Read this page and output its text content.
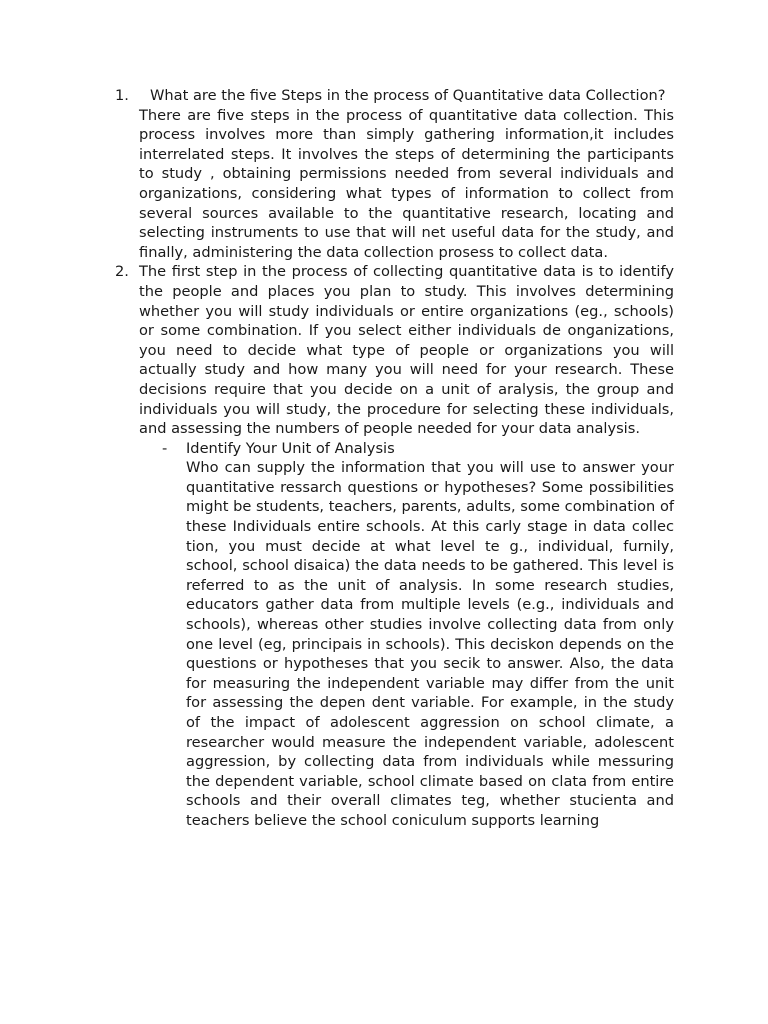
1.	What are the five Steps in the process of Quantitative data Collection?
There are five steps in the process of quantitative data collection. This process involves more than simply gathering information,it includes interrelated steps. It involves the steps of determining the participants to study , obtaining permissions needed from several individuals and organizations, considering what types of information to collect from several sources available to the quantitative research, locating and selecting instruments to use that will net useful data for the study, and finally, administering the data collection prosess to collect data.
2. The first step in the process of collecting quantitative data is to identify the people and places you plan to study. This involves determining whether you will study individuals or entire organizations (eg., schools) or some combination. If you select either individuals de onganizations, you need to decide what type of people or organizations you will actually study and how many you will need for your research. These decisions require that you decide on a unit of aralysis, the group and individuals you will study, the procedure for selecting these individuals, and assessing the numbers of people needed for your data analysis.
- Identify Your Unit of Analysis
Who can supply the information that you will use to answer your quantitative ressarch questions or hypotheses? Some possibilities might be students, teachers, parents, adults, some combination of these Individuals entire schools. At this carly stage in data collec tion, you must decide at what level te g., individual, furnily, school, school disaica) the data needs to be gathered. This level is referred to as the unit of analysis. In some research studies, educators gather data from multiple levels (e.g., individuals and schools), whereas other studies involve collecting data from only one level (eg, principais in schools). This deciskon depends on the questions or hypotheses that you secik to answer. Also, the data for measuring the independent variable may differ from the unit for assessing the depen dent variable. For example, in the study of the impact of adolescent aggression on school climate, a researcher would measure the independent variable, adolescent aggression, by collecting data from individuals while messuring the dependent variable, school climate based on clata from entire schools and their overall climates teg, whether stucienta and teachers believe the school coniculum supports learning
